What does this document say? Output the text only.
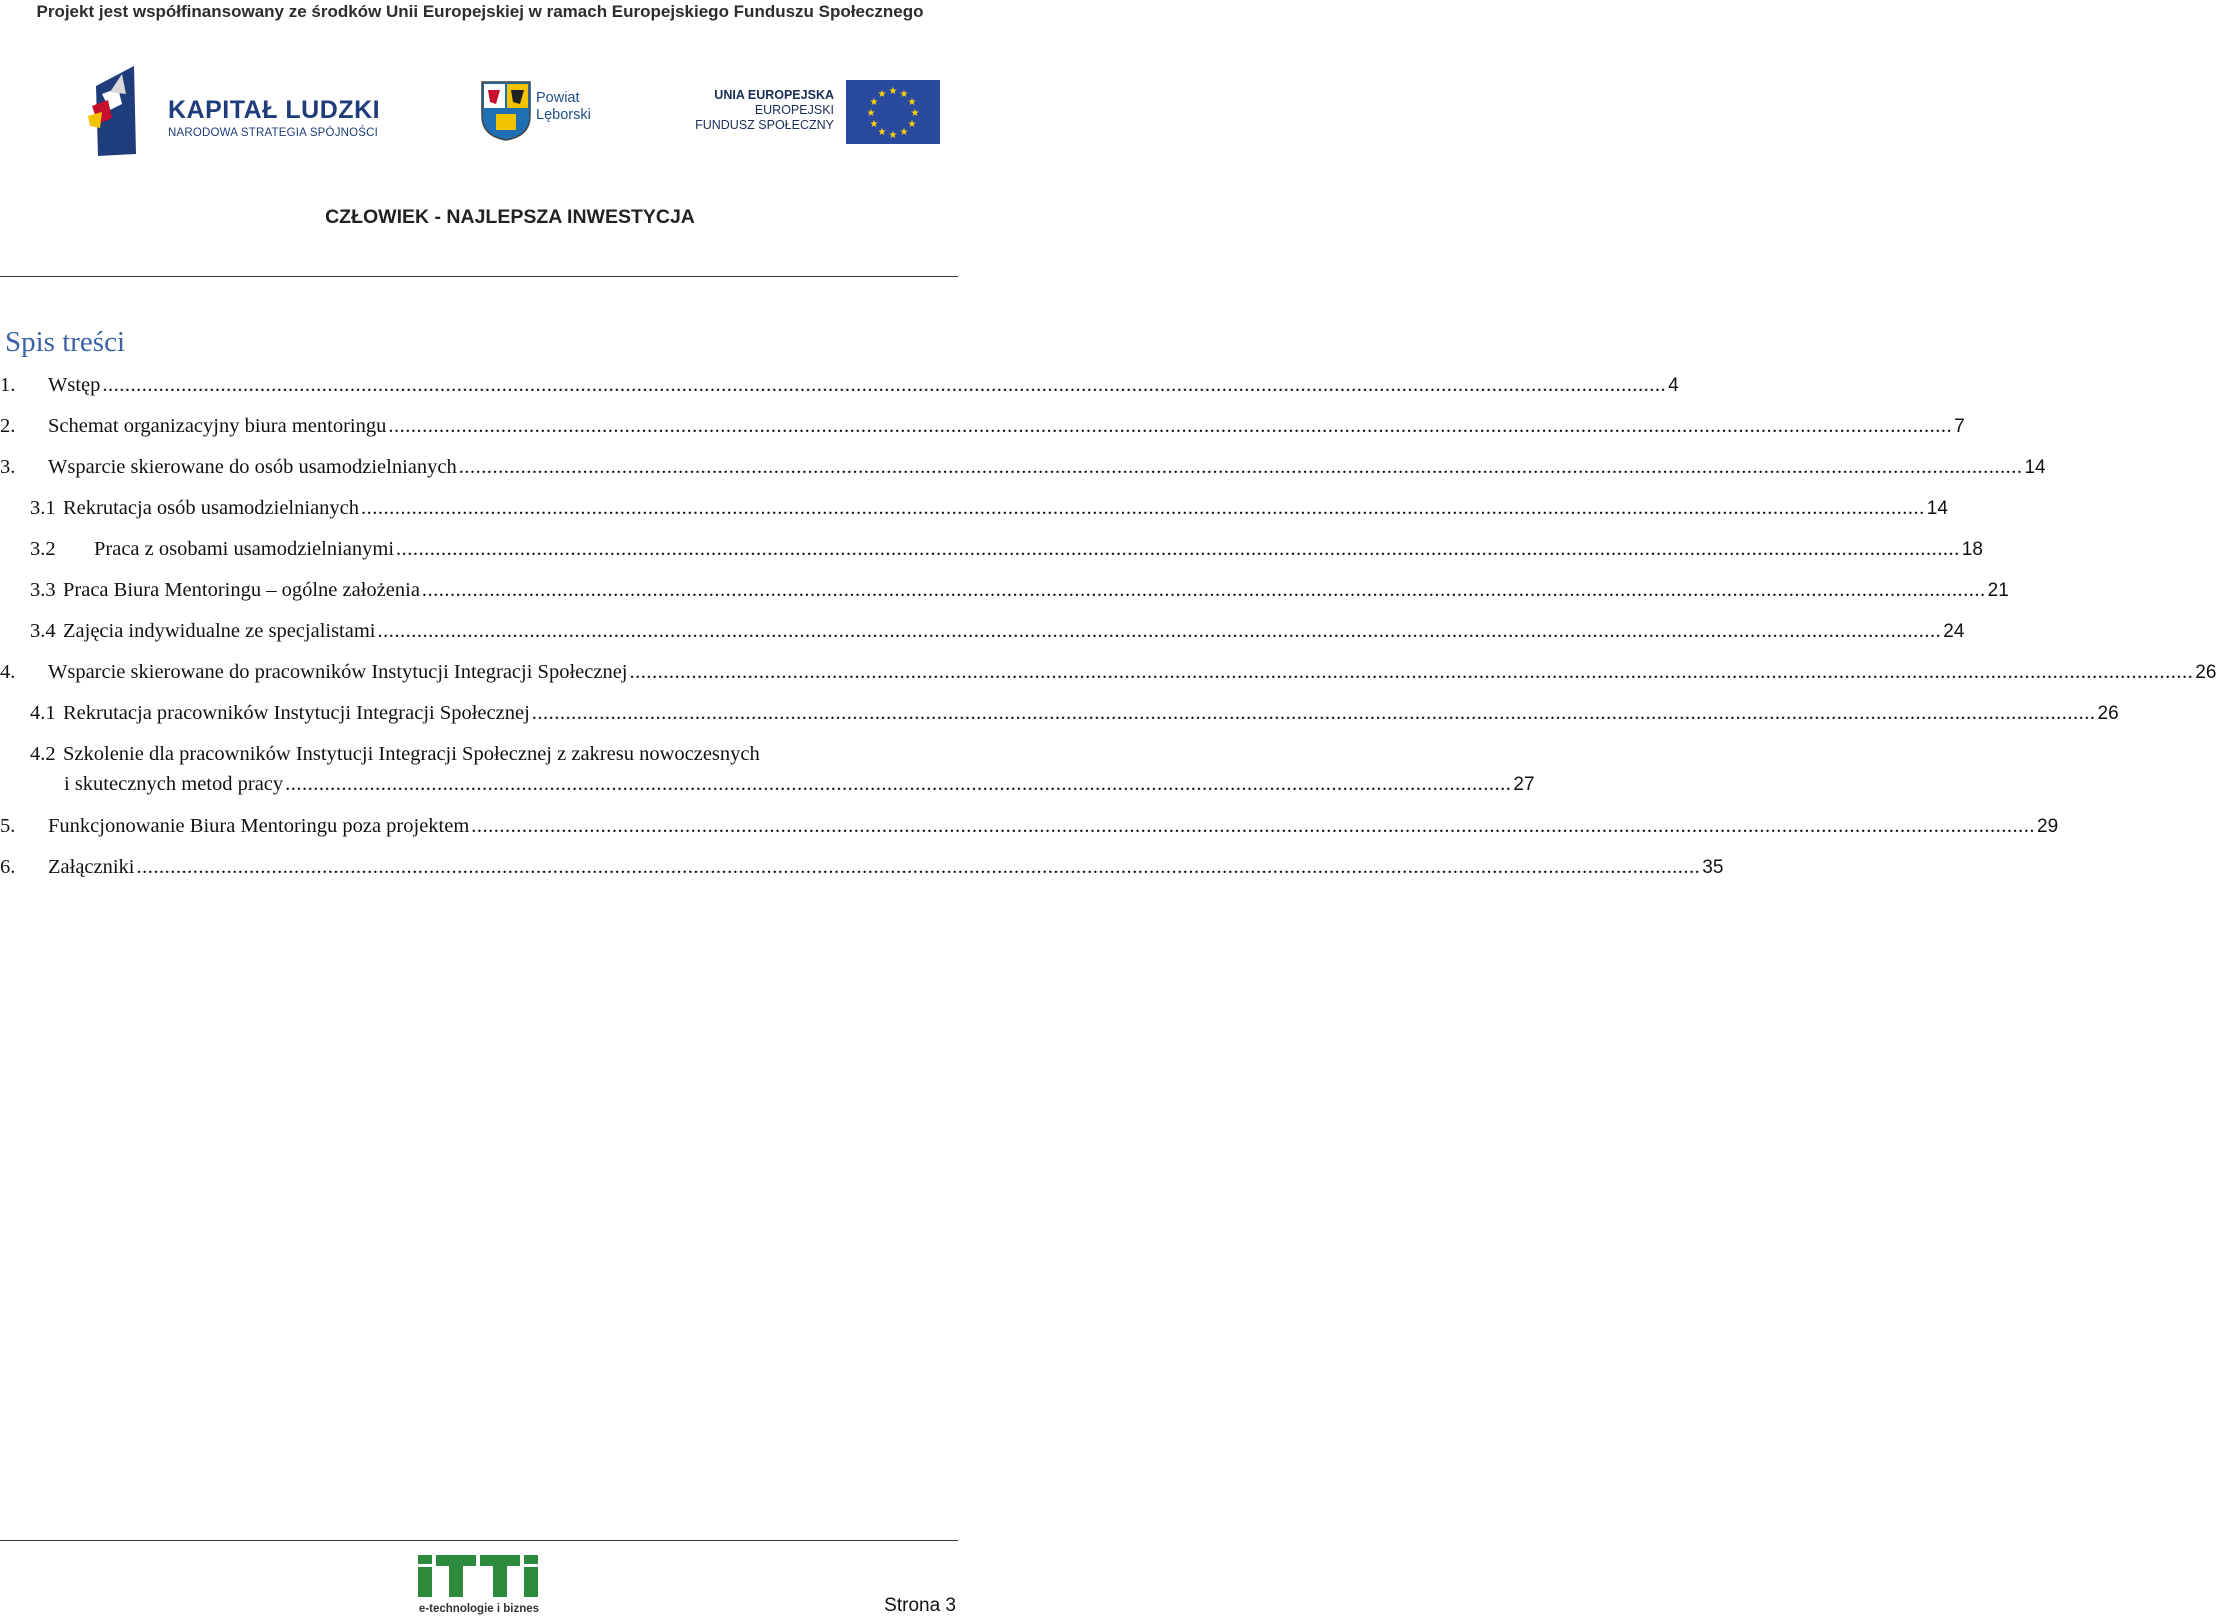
Projekt jest współfinansowany ze środków Unii Europejskiej w ramach Europejskiego Funduszu Społecznego
KAPITAŁ LUDZKI
NARODOWA STRATEGIA SPÓJNOŚCI
Powiat
Lęborski
UNIA EUROPEJSKA
EUROPEJSKI
FUNDUSZ SPOŁECZNY
★ ★
★
★
★
★
★
★
★
★
★
★
CZŁOWIEK - NAJLEPSZA INWESTYCJA
Spis treści
1.	Wstęp .....	4
2.	Schemat organizacyjny biura mentoringu .....	7
3.	Wsparcie skierowane do osób usamodzielnianych .....	14
3.1 Rekrutacja osób usamodzielnianych .....	14
3.2	Praca z osobami usamodzielnianymi .....	18
3.3 Praca Biura Mentoringu – ogólne założenia .....	21
3.4 Zajęcia indywidualne ze specjalistami .....	24
4.	Wsparcie skierowane do pracowników Instytucji Integracji Społecznej .....	26
4.1 Rekrutacja pracowników Instytucji Integracji Społecznej .....	26
4.2 Szkolenie dla pracowników Instytucji Integracji Społecznej z zakresu nowoczesnych
i skutecznych metod pracy .......................................................................................................................................................................................................................... 27
5.	Funkcjonowanie Biura Mentoringu poza projektem .....	29
6.	Załączniki .....	35
e-technologie i biznes	Strona 3
